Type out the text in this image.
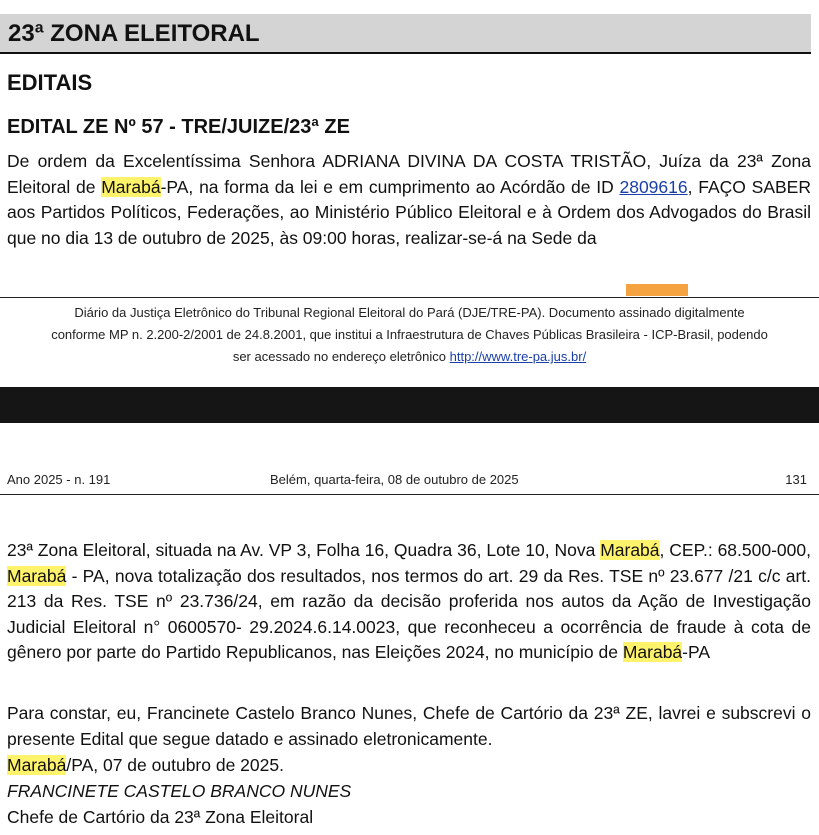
23ª ZONA ELEITORAL
EDITAIS
EDITAL ZE Nº 57 - TRE/JUIZE/23ª ZE

De ordem da Excelentíssima Senhora ADRIANA DIVINA DA COSTA TRISTÃO, Juíza da 23ª Zona Eleitoral de Marabá-PA, na forma da lei e em cumprimento ao Acórdão de ID 2809616, FAÇO SABER aos Partidos Políticos, Federações, ao Ministério Público Eleitoral e à Ordem dos Advogados do Brasil que no dia 13 de outubro de 2025, às 09:00 horas, realizar-se-á na Sede da

Diário da Justiça Eletrônico do Tribunal Regional Eleitoral do Pará (DJE/TRE-PA). Documento assinado digitalmente
conforme MP n. 2.200-2/2001 de 24.8.2001, que institui a Infraestrutura de Chaves Públicas Brasileira - ICP-Brasil, podendo
ser acessado no endereço eletrônico http://www.tre-pa.jus.br/
Ano 2025 - n. 191	Belém, quarta-feira, 08 de outubro de 2025	131

23ª Zona Eleitoral, situada na Av. VP 3, Folha 16, Quadra 36, Lote 10, Nova Marabá, CEP.: 68.500-000, Marabá - PA, nova totalização dos resultados, nos termos do art. 29 da Res. TSE nº 23.677 /21 c/c art. 213 da Res. TSE nº 23.736/24, em razão da decisão proferida nos autos da Ação de Investigação Judicial Eleitoral n° 0600570- 29.2024.6.14.0023, que reconheceu a ocorrência de fraude à cota de gênero por parte do Partido Republicanos, nas Eleições 2024, no município de Marabá-PA

Para constar, eu, Francinete Castelo Branco Nunes, Chefe de Cartório da 23ª ZE, lavrei e subscrevi o presente Edital que segue datado e assinado eletronicamente.

Marabá/PA, 07 de outubro de 2025.
FRANCINETE CASTELO BRANCO NUNES
Chefe de Cartório da 23ª Zona Eleitoral
